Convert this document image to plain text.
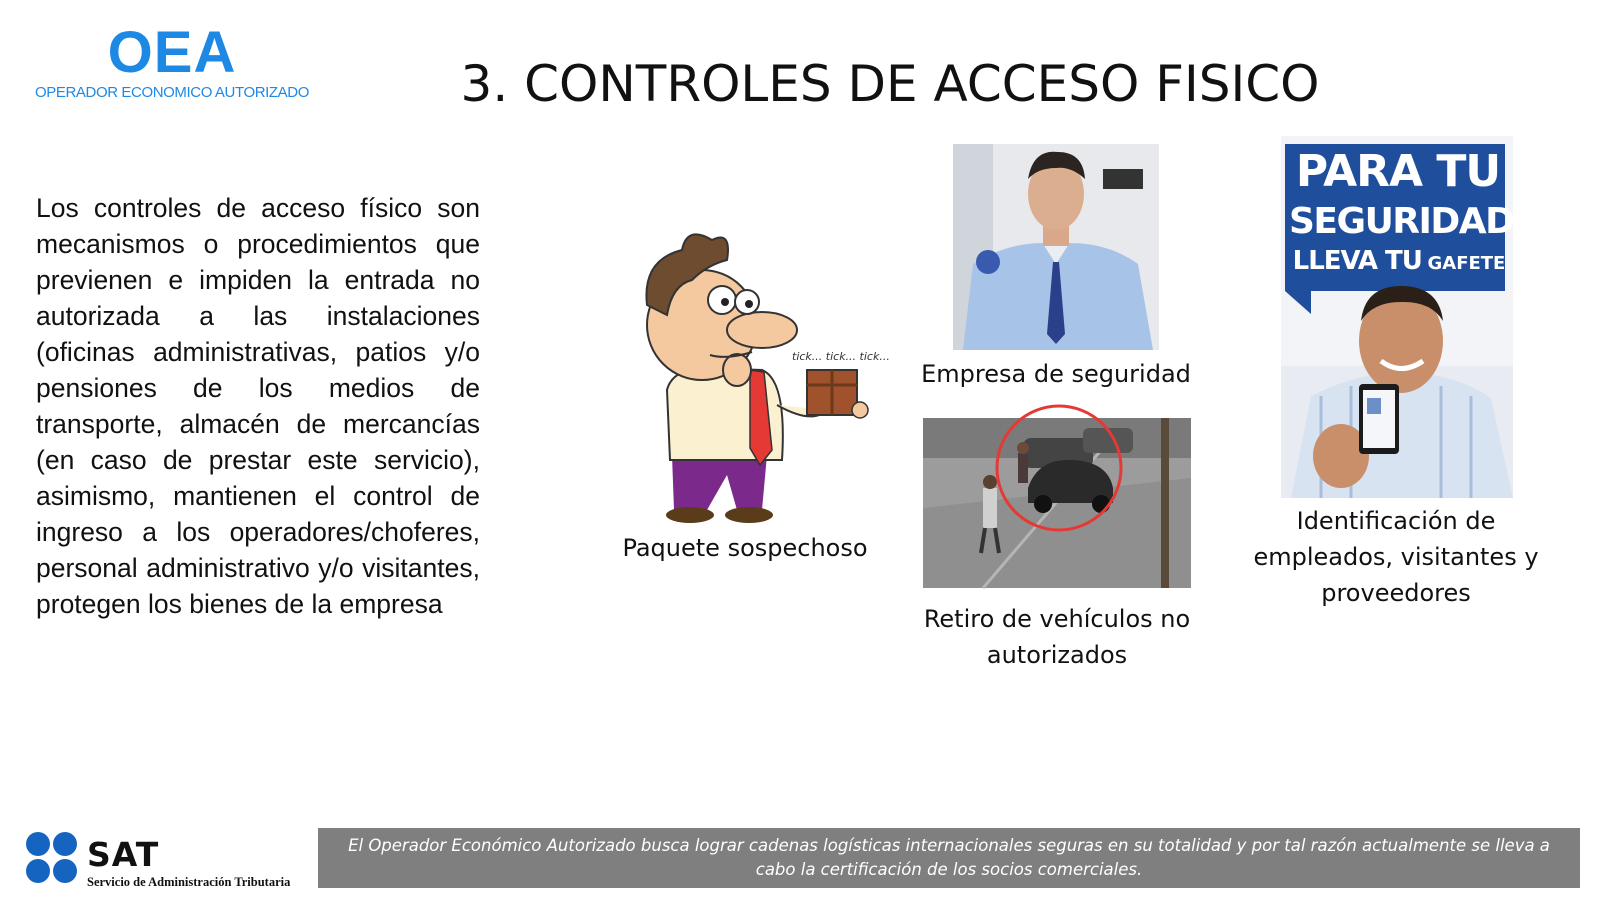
OEA
OPERADOR ECONOMICO AUTORIZADO	3. CONTROLES DE ACCESO FISICO
Los controles de acceso físico son mecanismos o procedimientos que previenen e impiden la entrada no autorizada a las instalaciones (oficinas administrativas, patios y/o pensiones de los medios de transporte, almacén de mercancías (en caso de prestar este servicio), asimismo, mantienen el control de ingreso a los operadores/choferes, personal administrativo y/o visitantes, protegen los bienes de la empresa
tick... tick... tick...
Paquete sospechoso
Empresa de seguridad
Retiro de vehículos no
autorizados
PARA TU
SEGURIDAD
LLEVA TU GAFETE
Identificación de
empleados, visitantes y
proveedores
SAT
Servicio de Administración Tributaria
El Operador Económico Autorizado busca lograr cadenas logísticas internacionales seguras en su totalidad y por tal razón actualmente se lleva a cabo la certificación de los socios comerciales.
